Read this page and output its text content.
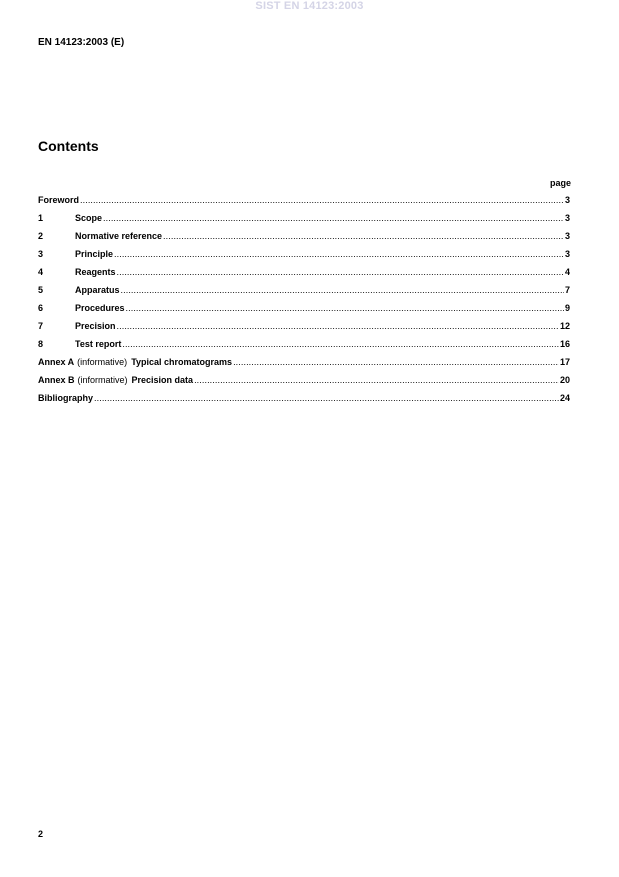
SIST EN 14123:2003
EN 14123:2003 (E)
Contents
page
Foreword .....	3
1	Scope .....	3
2	Normative reference .....	3
3	Principle .....	3
4	Reagents .....	4
5	Apparatus .....	7
6	Procedures .....	9
7	Precision .....	12
8	Test report .....	16
Annex A (informative) Typical chromatograms .....	17
Annex B (informative) Precision data .....	20
Bibliography .....	24
2
